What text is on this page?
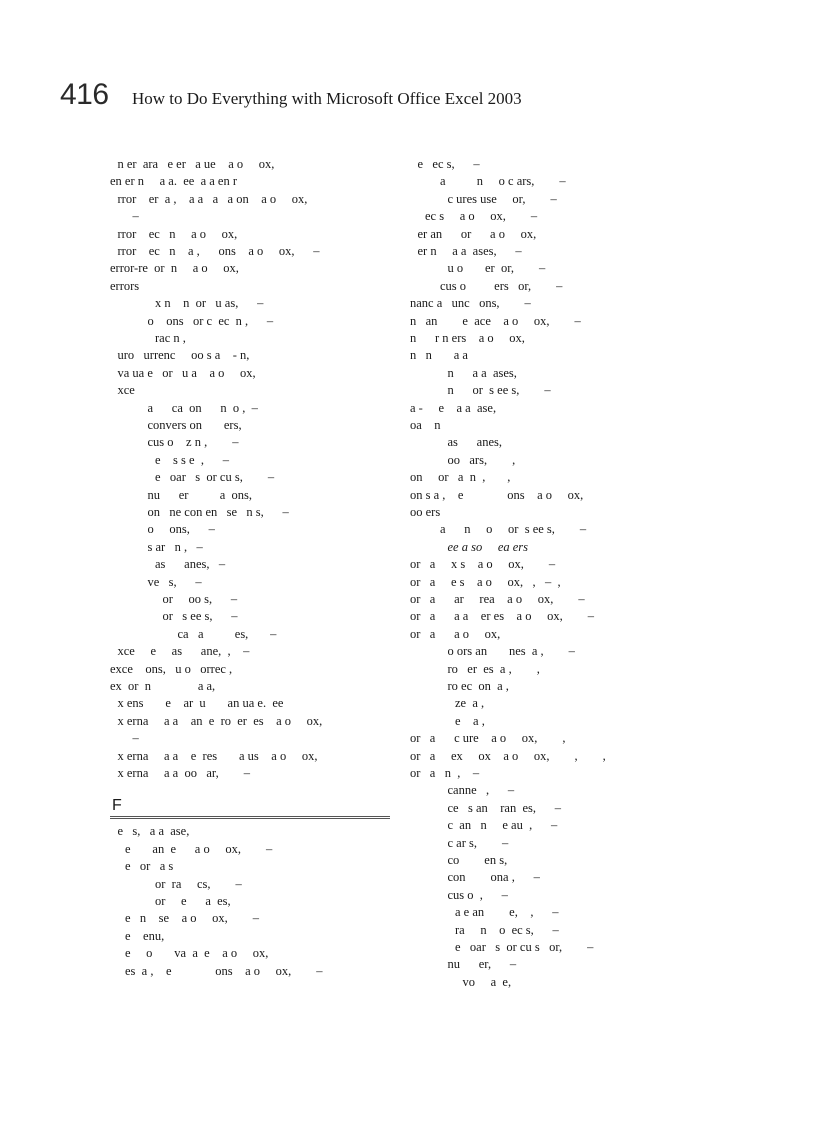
416 How to Do Everything with Microsoft Office Excel 2003
n er  ara   e er   a ue    a o     ox,
en er n     a a.  ee  a a en r
rror    er  a ,    a a   a   a on    a o     ox,
–
rror    ec   n     a o     ox,
rror    ec   n    a ,      ons    a o     ox,      –
error-re  or  n     a o     ox,
errors
x n    n  or   u as,      –
o    ons   or c  ec  n ,      –
rac n ,
uro   urrenc     oo s a    - n,
va ua e   or   u a    a o     ox,
xce
a      ca  on      n  o ,  –
convers on       ers,
cus o    z n ,        –
e    s s e  ,      –
e   oar   s  or cu s,        –
nu      er          a  ons,
on   ne con en   se   n s,      –
o     ons,      –
s ar   n ,   –
as      anes,   –
ve   s,      –
or     oo s,      –
or   s ee s,      –
ca   a          es,       –
xce     e     as      ane,  ,    –
exce    ons,   u o   orrec ,
ex  or  n               a a,
x ens       e    ar  u       an ua e.  ee
x erna     a a    an  e  ro  er  es    a o     ox,
–
x erna     a a    e  res       a us    a o     ox,
x erna     a a  oo   ar,        –
F
e   s,   a a  ase,
e       an  e      a o     ox,        –
e   or   a s
or  ra     cs,        –
or     e      a  es,
e   n    se    a o     ox,        –
e    enu,
e     o       va  a  e    a o     ox,
es  a ,    e              ons    a o     ox,        –
e   ec s,      –
a          n     o c ars,        –
c ures use     or,        –
ec s     a o     ox,        –
er an      or      a o     ox,
er n     a a  ases,      –
u o       er  or,        –
cus o         ers   or,        –
nanc a   unc   ons,        –
n   an        e  ace    a o     ox,        –
n      r n ers    a o     ox,
n   n       a a
n      a a  ases,
n      or  s ee s,        –
a -     e    a a  ase,
oa    n
as      anes,
oo   ars,        ,
on     or   a  n  ,       ,
on s a ,    e              ons    a o     ox,
oo ers
a      n     o     or  s ee s,        –
ee a so     ea ers
or   a     x s    a o     ox,        –
or   a     e s    a o     ox,   ,   –  ,
or   a      ar     rea    a o     ox,        –
or   a      a a    er es    a o     ox,        –
or   a      a o     ox,
o ors an       nes  a ,        –
ro   er  es  a ,        ,
ro ec  on  a ,
ze  a ,
e    a ,
or   a      c ure    a o     ox,        ,
or   a     ex     ox    a o     ox,        ,        ,
or   a   n  ,    –
canne   ,      –
ce   s an    ran  es,      –
c  an   n     e au  ,      –
c ar s,        –
co        en s,
con        ona ,      –
cus o  ,      –
a e an        e,    ,      –
ra     n    o  ec s,      –
e   oar   s  or cu s   or,        –
nu      er,      –
vo     a  e,
